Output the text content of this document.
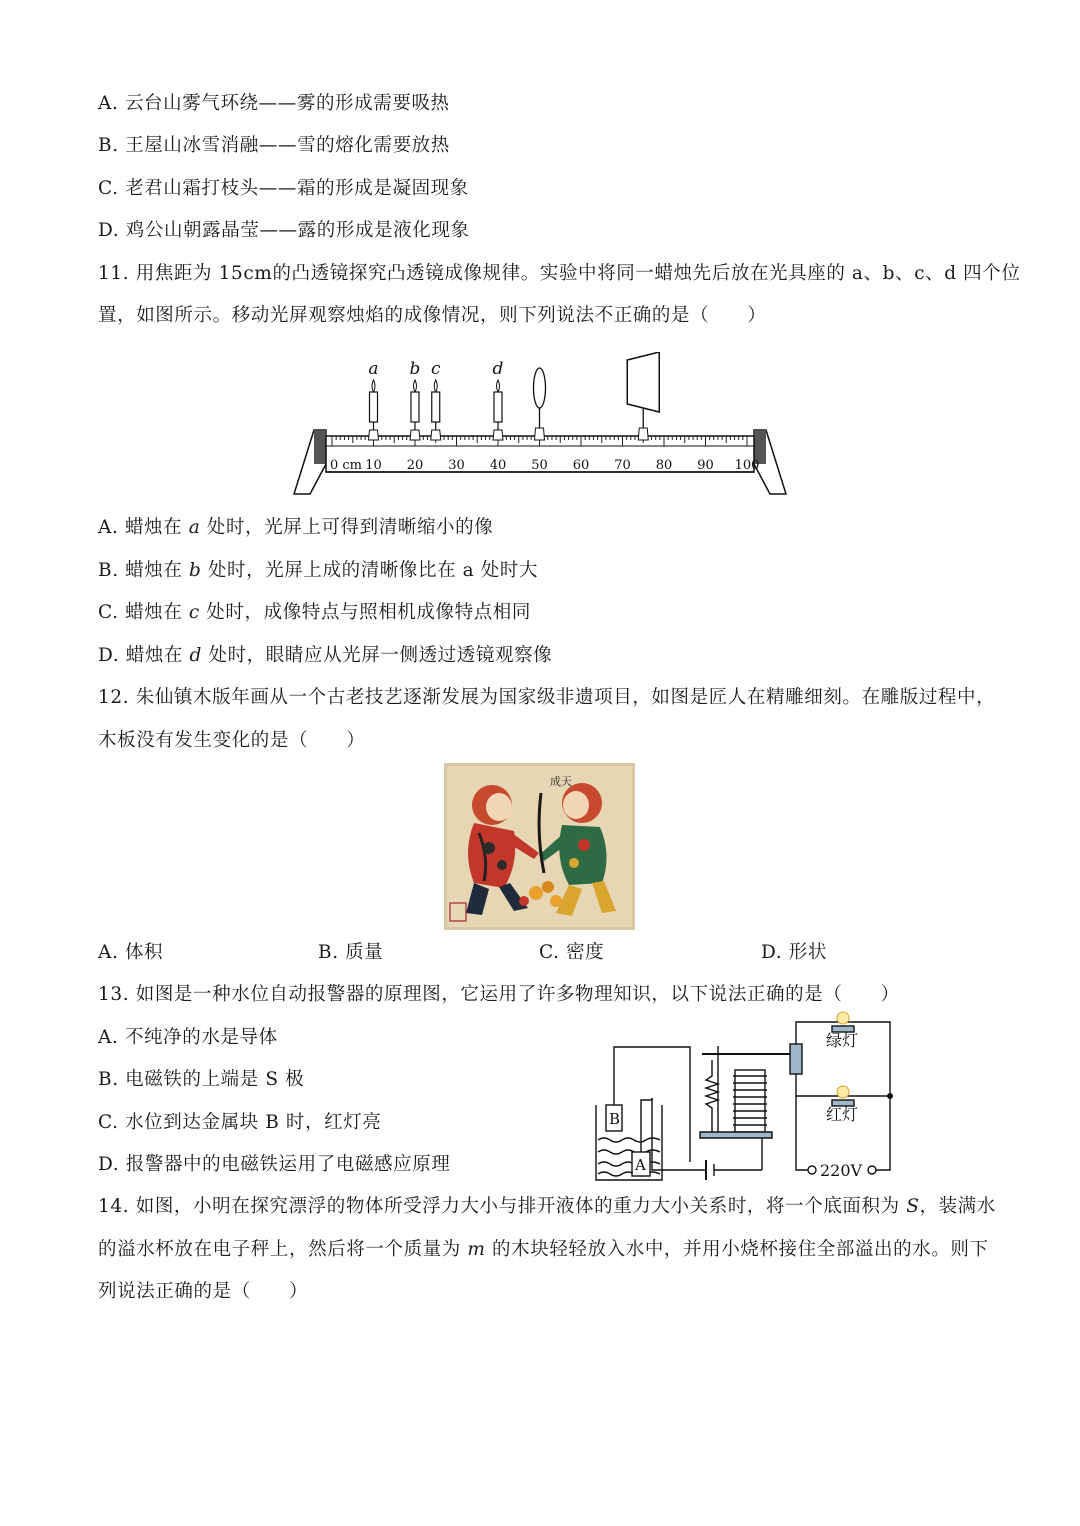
A. 云台山雾气环绕——雾的形成需要吸热
B. 王屋山冰雪消融——雪的熔化需要放热
C. 老君山霜打枝头——霜的形成是凝固现象
D. 鸡公山朝露晶莹——露的形成是液化现象
11. 用焦距为 15cm的凸透镜探究凸透镜成像规律。实验中将同一蜡烛先后放在光具座的 a、b、c、d 四个位
置，如图所示。移动光屏观察烛焰的成像情况，则下列说法不正确的是（　　）
0 cm 10 20 30 40 50 60 70 80 90 100
a b c	d
A. 蜡烛在 a 处时，光屏上可得到清晰缩小的像
B. 蜡烛在 b 处时，光屏上成的清晰像比在 a 处时大
C. 蜡烛在 c 处时，成像特点与照相机成像特点相同
D. 蜡烛在 d 处时，眼睛应从光屏一侧透过透镜观察像
12. 朱仙镇木版年画从一个古老技艺逐渐发展为国家级非遗项目，如图是匠人在精雕细刻。在雕版过程中，
木板没有发生变化的是（　　）
成天
A. 体积	B. 质量	C. 密度	D. 形状
13. 如图是一种水位自动报警器的原理图，它运用了许多物理知识，以下说法正确的是（　　）
A. 不纯净的水是导体
B. 电磁铁的上端是 S 极
C. 水位到达金属块 B 时，红灯亮
D. 报警器中的电磁铁运用了电磁感应原理
绿灯
红灯
220V
B
A
14. 如图，小明在探究漂浮的物体所受浮力大小与排开液体的重力大小关系时，将一个底面积为 S，装满水
的溢水杯放在电子秤上，然后将一个质量为 m 的木块轻轻放入水中，并用小烧杯接住全部溢出的水。则下
列说法正确的是（　　）
